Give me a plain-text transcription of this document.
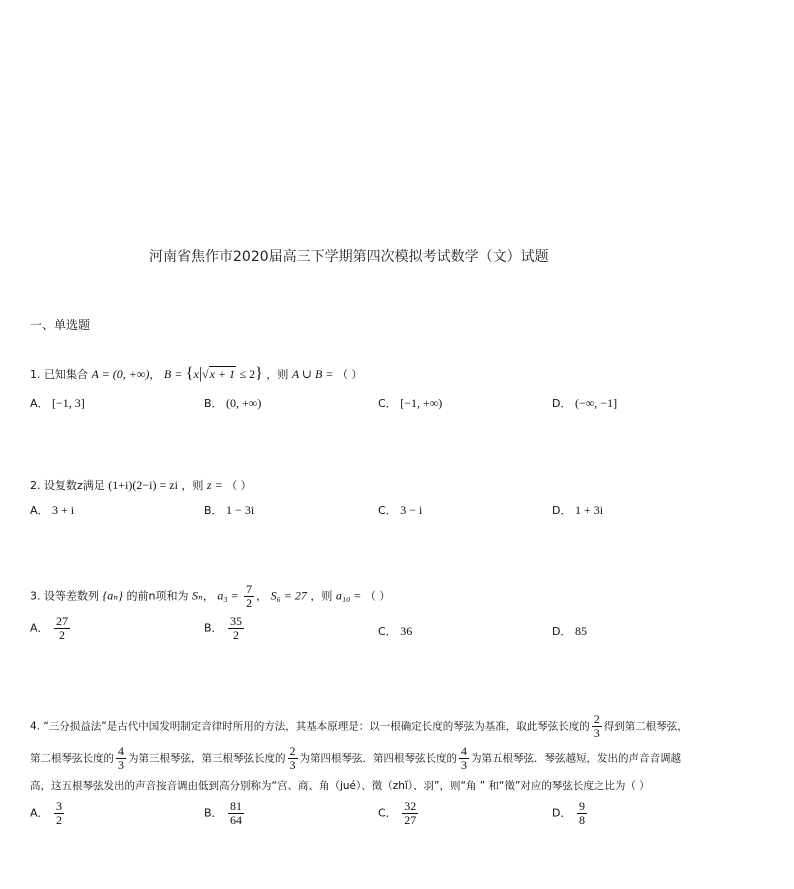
河南省焦作市2020届高三下学期第四次模拟考试数学（文）试题
一、单选题
1. 已知集合 A = (0, +∞)， B = {x|√x + 1 ≤ 2} ，则 A ∪ B = （ ）
A． [−1, 3]	B． (0, +∞)	C． [−1, +∞)	D． (−∞, −1]
2. 设复数z满足 (1+i)(2−i) = zi ，则 z = （ ）
A． 3 + i	B． 1 − 3i	C． 3 − i	D． 1 + 3i
3. 设等差数列 {aₙ} 的前n项和为 Sₙ， $a_3 = \frac{7}{2}$ ， S₆ = 27 ，则 a₁₀ = （ ）
A． $\frac{27}{2}$	B． $\frac{35}{2}$	C． 36	D． 85
4. “三分损益法”是古代中国发明制定音律时所用的方法，其基本原理是：以一根确定长度的琴弦为基准，取此琴弦长度的 $\frac{2}{3}$ 得到第二根琴弦，
第二根琴弦长度的 $\frac{4}{3}$ 为第三根琴弦，第三根琴弦长度的 $\frac{2}{3}$ 为第四根琴弦．第四根琴弦长度的 $\frac{4}{3}$ 为第五根琴弦．琴弦越短，发出的声音音调越
高，这五根琴弦发出的声音按音调由低到高分别称为“宫、商、角（jué）、徵（zhǐ）、羽”，则“角 ” 和“徵”对应的琴弦长度之比为（ ）
A． $\frac{3}{2}$	B． $\frac{81}{64}$	C． $\frac{32}{27}$	D． $\frac{9}{8}$
